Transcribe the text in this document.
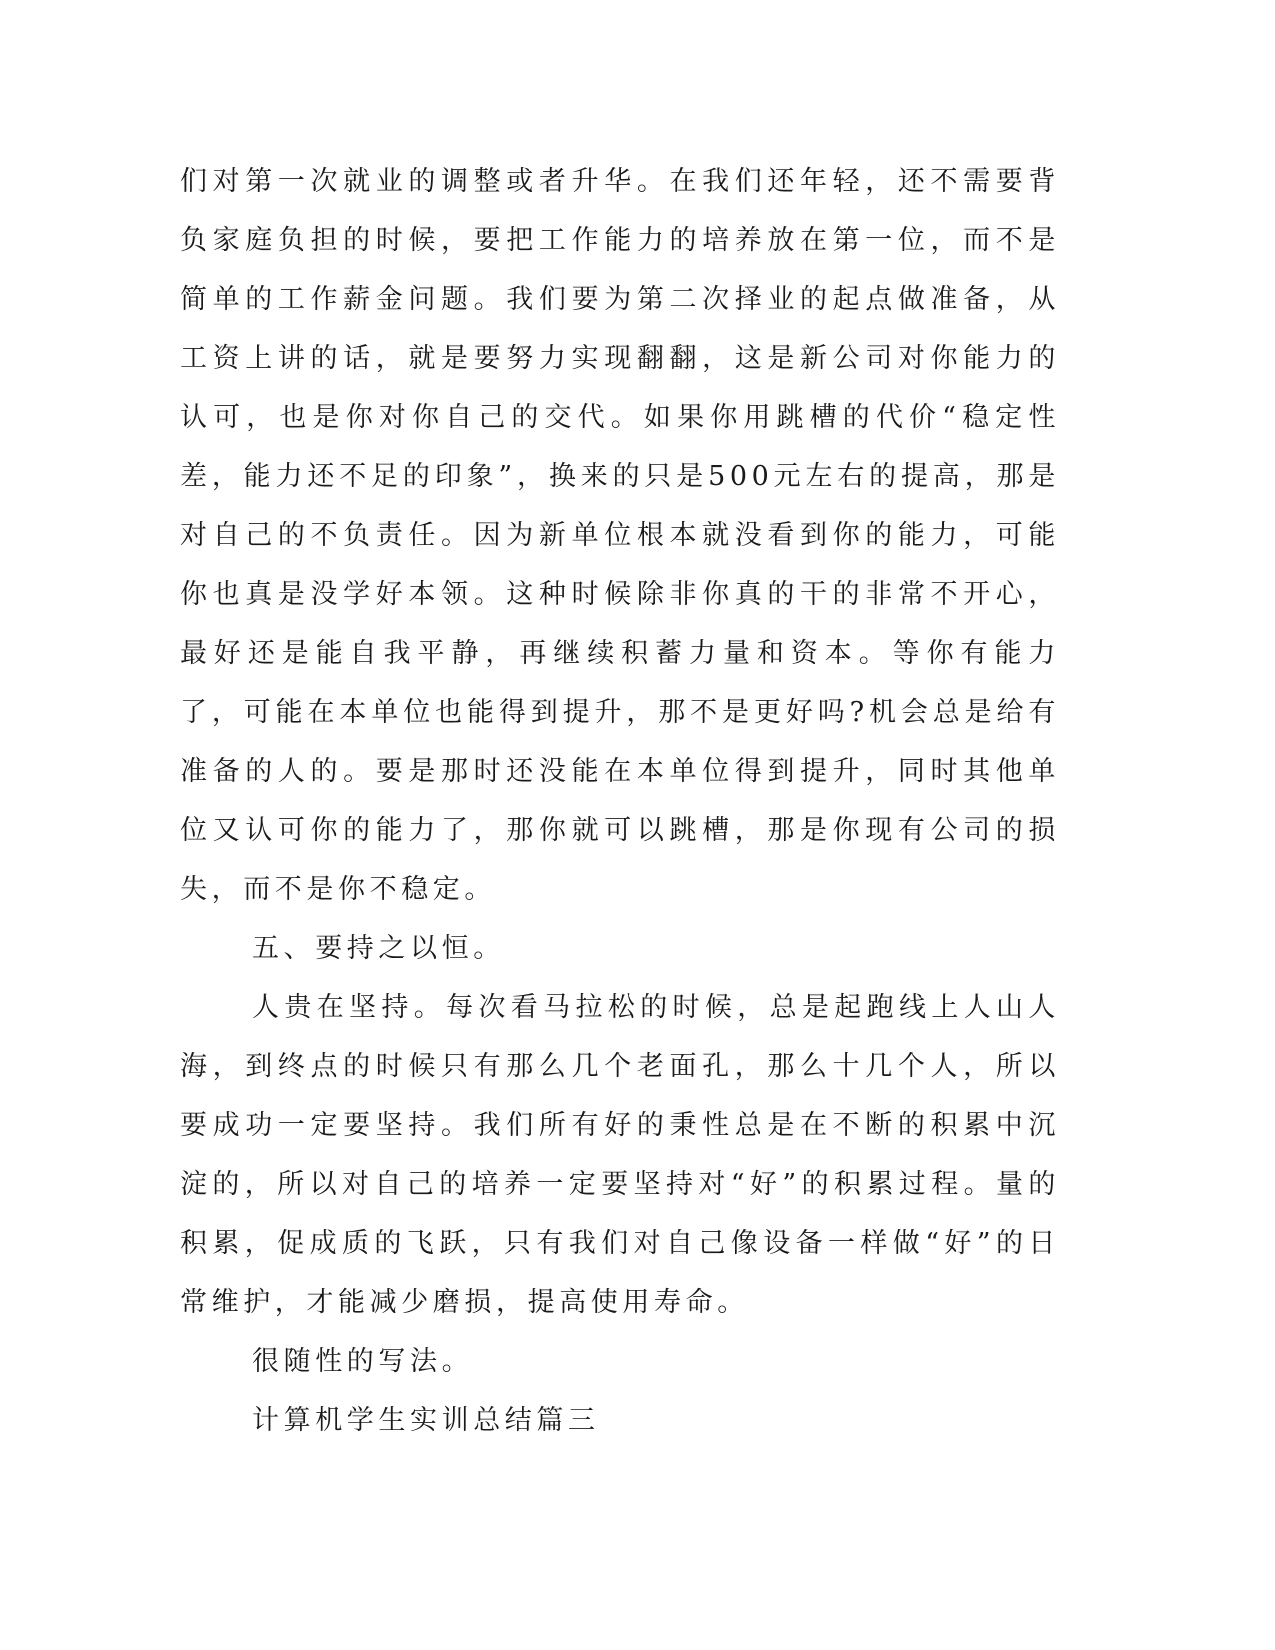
们对第一次就业的调整或者升华。在我们还年轻，还不需要背负家庭负担的时候，要把工作能力的培养放在第一位，而不是简单的工作薪金问题。我们要为第二次择业的起点做准备，从工资上讲的话，就是要努力实现翻翻，这是新公司对你能力的认可，也是你对你自己的交代。如果你用跳槽的代价“稳定性差，能力还不足的印象”，换来的只是500元左右的提高，那是对自己的不负责任。因为新单位根本就没看到你的能力，可能你也真是没学好本领。这种时候除非你真的干的非常不开心，最好还是能自我平静，再继续积蓄力量和资本。等你有能力了，可能在本单位也能得到提升，那不是更好吗?机会总是给有准备的人的。要是那时还没能在本单位得到提升，同时其他单位又认可你的能力了，那你就可以跳槽，那是你现有公司的损失，而不是你不稳定。

五、要持之以恒。

人贵在坚持。每次看马拉松的时候，总是起跑线上人山人海，到终点的时候只有那么几个老面孔，那么十几个人，所以要成功一定要坚持。我们所有好的秉性总是在不断的积累中沉淀的，所以对自己的培养一定要坚持对“好”的积累过程。量的积累，促成质的飞跃，只有我们对自己像设备一样做“好”的日常维护，才能减少磨损，提高使用寿命。

很随性的写法。

计算机学生实训总结篇三
